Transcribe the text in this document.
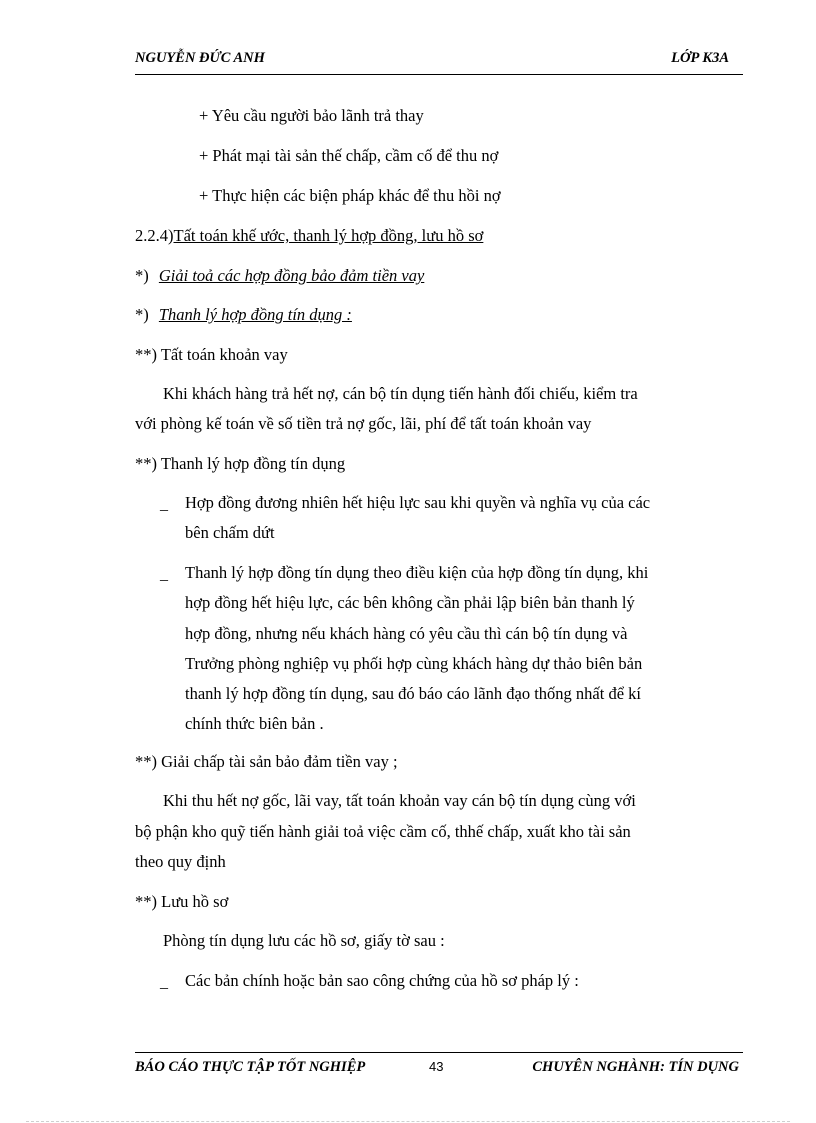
NGUYỄN ĐỨC ANH	LỚP K3A
+ Yêu cầu người bảo lãnh trả thay
+ Phát mại tài sản thế chấp, cầm cố để thu nợ
+ Thực hiện các biện pháp khác để thu hồi nợ
2.2.4)Tất toán khế ước, thanh lý hợp đồng, lưu hồ sơ
*) Giải toả các hợp đồng bảo đảm tiền vay
*) Thanh lý hợp đồng tín dụng :
**) Tất toán khoản vay
Khi khách hàng trả hết nợ, cán bộ tín dụng tiến hành đối chiếu, kiểm tra
với phòng kế toán về số tiền trả nợ gốc, lãi, phí để tất toán khoản vay
**) Thanh lý hợp đồng tín dụng
_ Hợp đồng đương nhiên hết hiệu lực sau khi quyền và nghĩa vụ của các
bên chấm dứt
_ Thanh lý hợp đồng tín dụng theo điều kiện của hợp đồng tín dụng, khi
hợp đồng hết hiệu lực, các bên không cần phải lập biên bản thanh lý
hợp đồng, nhưng nếu khách hàng có yêu cầu thì cán bộ tín dụng và
Trưởng phòng nghiệp vụ phối hợp cùng khách hàng dự thảo biên bản
thanh lý hợp đồng tín dụng, sau đó báo cáo lãnh đạo thống nhất để kí
chính thức biên bản .
**) Giải chấp tài sản bảo đảm tiền vay ;
Khi thu hết nợ gốc, lãi vay, tất toán khoản vay cán bộ tín dụng cùng với
bộ phận kho quỹ tiến hành giải toả việc cầm cố, thhế chấp, xuất kho tài sản
theo quy định
**) Lưu hồ sơ
Phòng tín dụng lưu các hồ sơ, giấy tờ sau :
_ Các bản chính hoặc bản sao công chứng của hồ sơ pháp lý :
BÁO CÁO THỰC TẬP TỐT NGHIỆP	43	CHUYÊN NGHÀNH: TÍN DỤNG
